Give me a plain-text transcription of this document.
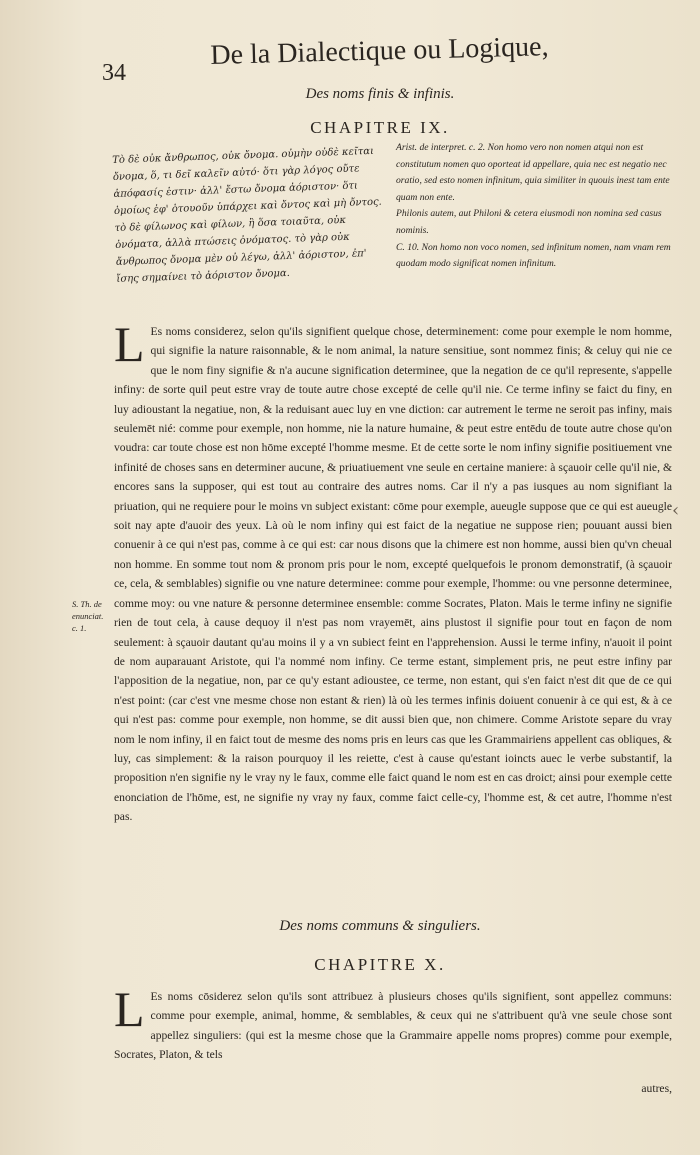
34
De la Dialectique ou Logique,
Des noms finis & infinis.
CHAPITRE IX.
Τὸ δὲ οὐκ ἄνθρωπος, οὐκ ὄνομα. οὐμὴν οὐδὲ κεῖται ὄνομα, ὅ, τι δεῖ καλεῖν αὐτό· ὅτι γὰρ λόγος οὔτε ἀπόφασίς ἐστιν· ἀλλ' ἔστω ὄνομα ἀόριστον· ὅτι ὁμοίως ἐφ' ὁτουοῦν ὑπάρχει καὶ ὄντος καὶ μὴ ὄντος. τὸ δὲ φίλωνος καὶ φίλων, ἢ ὅσα τοιαῦτα, οὐκ ὀνόματα, ἀλλὰ πτώσεις ὀνόματος. τὸ γὰρ οὐκ ἄνθρωπος ὄνομα μὲν οὐ λέγω, ἀλλ' ἀόριστον, ἐπ' ἴσης σημαίνει τὸ ἀόριστον ὄνομα.

Arist. de interpret. c. 2. Non homo vero non nomen atqui non est constitutum nomen quo oporteat id appellare, quia nec est negatio nec oratio, sed esto nomen infinitum, quia similiter in quouis inest tam ente quam non ente.

Philonis autem, aut Philoni & cetera eiusmodi non nomina sed casus nominis.

C. 10. Non homo non voco nomen, sed infinitum nomen, nam vnam rem quodam modo significat nomen infinitum.

L Es noms considerez, selon qu'ils signifient quelque chose, determinement: come pour exemple le nom homme, qui signifie la nature raisonnable, & le nom animal, la nature sensitiue, sont nommez finis; & celuy qui nie ce que le nom finy signifie & n'a aucune signification determinee, que la negation de ce qu'il represente, s'appelle infiny: de sorte quil peut estre vray de toute autre chose excepté de celle qu'il nie. Ce terme infiny se faict du finy, en luy adioustant la negatiue, non, & la reduisant auec luy en vne diction: car autrement le terme ne seroit pas infiny, mais seulemēt nié: comme pour exemple, non homme, nie la nature humaine, & peut estre entēdu de toute autre chose qu'on voudra: car toute chose est non hōme excepté l'homme mesme. Et de cette sorte le nom infiny signifie positiuement vne infinité de choses sans en determiner aucune, & priuatiuement vne seule en certaine maniere: à sçauoir celle qu'il nie, & encores sans la supposer, qui est tout au contraire des autres noms. Car il n'y a pas iusques au nom signifiant la priuation, qui ne requiere pour le moins vn subject existant: cōme pour exemple, aueugle suppose que ce qui est aueugle soit nay apte d'auoir des yeux. Là où le nom infiny qui est faict de la negatiue ne suppose rien; pouuant aussi bien conuenir à ce qui n'est pas, comme à ce qui est: car nous disons que la chimere est non homme, aussi bien qu'vn cheual non homme. En somme tout nom & pronom pris pour le nom, excepté quelquefois le pronom demonstratif, (à sçauoir ce, cela, & semblables) signifie ou vne nature determinee: comme pour exemple, l'homme: ou vne personne determinee, comme moy: ou vne nature & personne determinee ensemble: comme Socrates, Platon. Mais le terme infiny ne signifie rien de tout cela, à cause dequoy il n'est pas nom vrayemēt, ains plustost il signifie pour tout en façon de nom seulement: à sçauoir dautant qu'au moins il y a vn subiect feint en l'apprehension. Aussi le terme infiny, n'auoit il point de nom auparauant Aristote, qui l'a nommé nom infiny. Ce terme estant, simplement pris, ne peut estre infiny par l'apposition de la negatiue, non, par ce qu'y estant adioustee, ce terme, non estant, qui s'en faict n'est dit que de ce qui n'est point: (car c'est vne mesme chose non estant & rien) là où les termes infinis doiuent conuenir à ce qui est, & à ce qui n'est pas: comme pour exemple, non homme, se dit aussi bien que, non chimere. Comme Aristote separe du vray nom le nom infiny, il en faict tout de mesme des noms pris en leurs cas que les Grammairiens appellent cas obliques, & luy, cas simplement: & la raison pourquoy il les reiette, c'est à cause qu'estant ioincts auec le verbe substantif, la proposition n'en signifie ny le vray ny le faux, comme elle faict quand le nom est en cas droict; ainsi pour exemple cette enonciation de l'hōme, est, ne signifie ny vray ny faux, comme faict celle-cy, l'homme est, & cet autre, l'homme n'est pas.

S. Th. de
enunciat.
c. 1.
‹
Des noms communs & singuliers.
CHAPITRE X.

L Es noms cōsiderez selon qu'ils sont attribuez à plusieurs choses qu'ils signifient, sont appellez communs: comme pour exemple, animal, homme, & semblables, & ceux qui ne s'attribuent qu'à vne seule chose sont appellez singuliers: (qui est la mesme chose que la Grammaire appelle noms propres) comme pour exemple, Socrates, Platon, & tels

autres,
